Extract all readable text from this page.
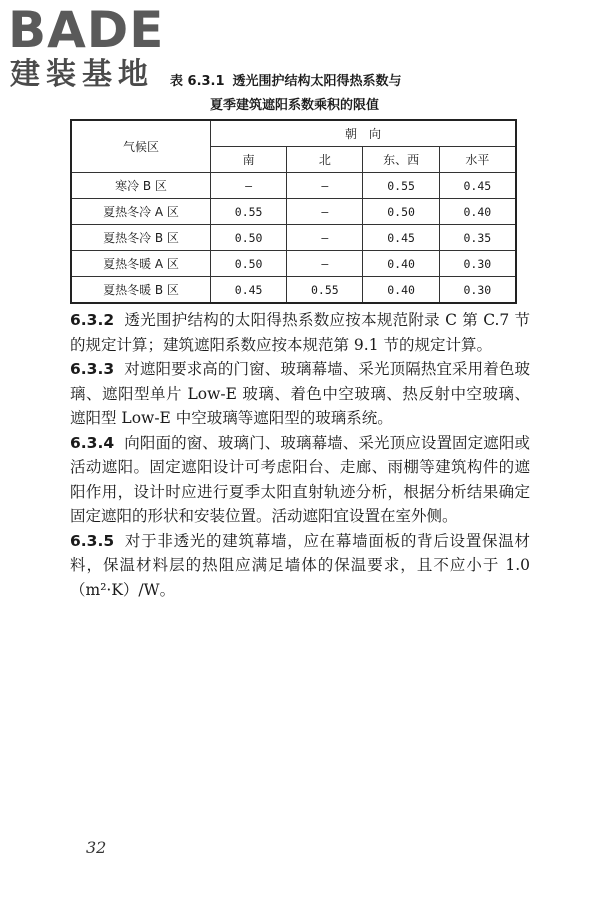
BADE
建装基地 表 6.3.1 透光围护结构太阳得热系数与
夏季建筑遮阳系数乘积的限值
气候区	朝　向			
	南	北	东、西	水平
寒冷 B 区	—	—	0.55	0.45
夏热冬冷 A 区	0.55	—	0.50	0.40
夏热冬冷 B 区	0.50	—	0.45	0.35
夏热冬暖 A 区	0.50	—	0.40	0.30
夏热冬暖 B 区	0.45	0.55	0.40	0.30

6.3.2 透光围护结构的太阳得热系数应按本规范附录 C 第 C.7 节的规定计算；建筑遮阳系数应按本规范第 9.1 节的规定计算。

6.3.3 对遮阳要求高的门窗、玻璃幕墙、采光顶隔热宜采用着色玻璃、遮阳型单片 Low-E 玻璃、着色中空玻璃、热反射中空玻璃、遮阳型 Low-E 中空玻璃等遮阳型的玻璃系统。

6.3.4 向阳面的窗、玻璃门、玻璃幕墙、采光顶应设置固定遮阳或活动遮阳。固定遮阳设计可考虑阳台、走廊、雨棚等建筑构件的遮阳作用，设计时应进行夏季太阳直射轨迹分析，根据分析结果确定固定遮阳的形状和安装位置。活动遮阳宜设置在室外侧。

6.3.5 对于非透光的建筑幕墙，应在幕墙面板的背后设置保温材料，保温材料层的热阻应满足墙体的保温要求，且不应小于 1.0（m²·K）/W。

32
